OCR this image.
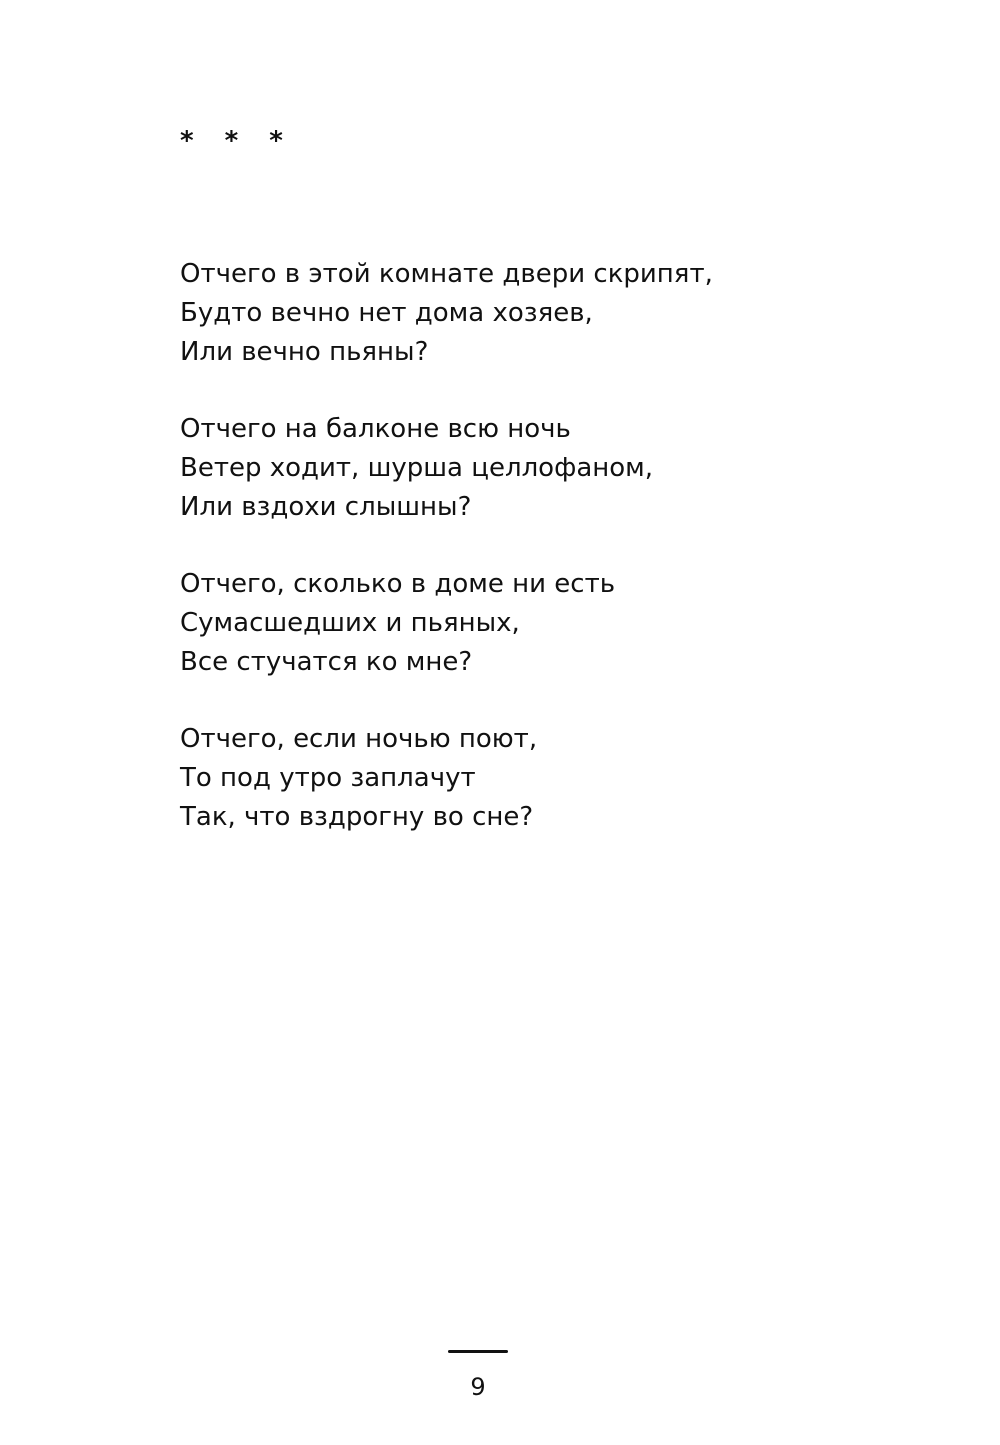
* * *
Отчего в этой комнате двери скрипят,
Будто вечно нет дома хозяев,
Или вечно пьяны?
Отчего на балконе всю ночь
Ветер ходит, шурша целлофаном,
Или вздохи слышны?
Отчего, сколько в доме ни есть
Сумасшедших и пьяных,
Все стучатся ко мне?
Отчего, если ночью поют,
То под утро заплачут
Так, что вздрогну во сне?
9
